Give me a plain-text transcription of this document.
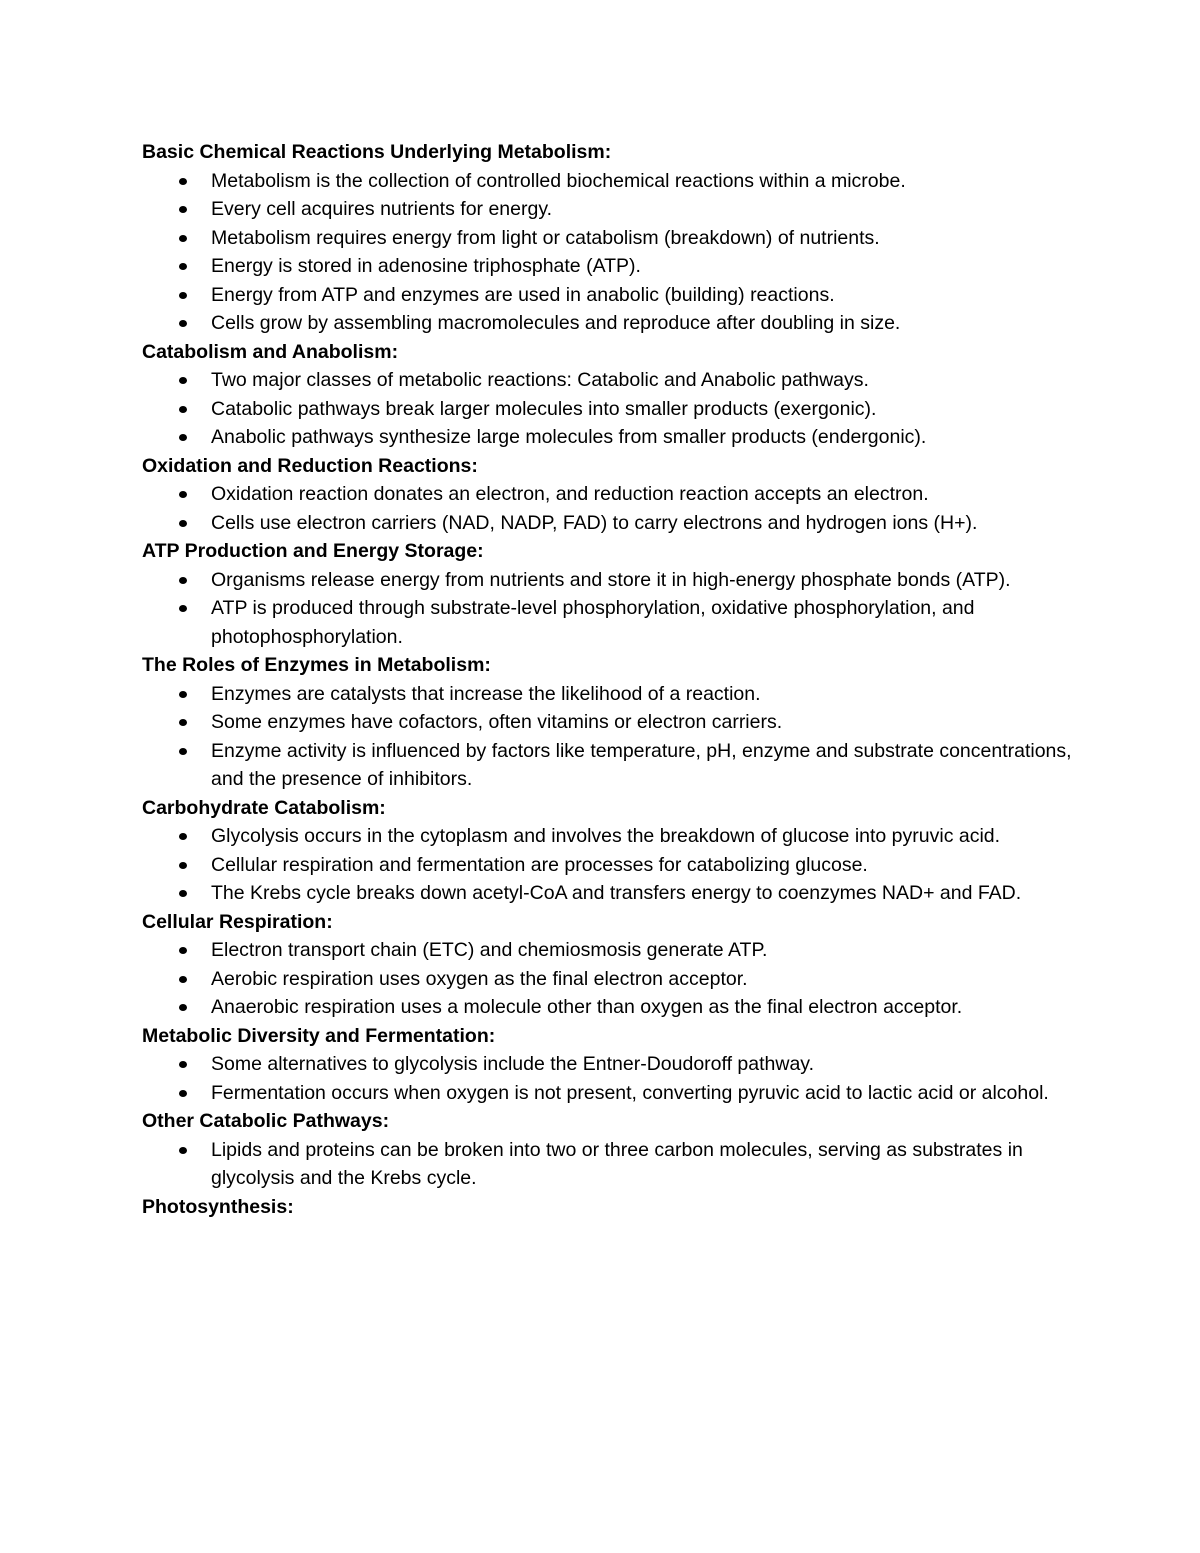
Basic Chemical Reactions Underlying Metabolism:

Metabolism is the collection of controlled biochemical reactions within a microbe.
Every cell acquires nutrients for energy.
Metabolism requires energy from light or catabolism (breakdown) of nutrients.
Energy is stored in adenosine triphosphate (ATP).
Energy from ATP and enzymes are used in anabolic (building) reactions.
Cells grow by assembling macromolecules and reproduce after doubling in size.

Catabolism and Anabolism:

Two major classes of metabolic reactions: Catabolic and Anabolic pathways.
Catabolic pathways break larger molecules into smaller products (exergonic).
Anabolic pathways synthesize large molecules from smaller products (endergonic).

Oxidation and Reduction Reactions:

Oxidation reaction donates an electron, and reduction reaction accepts an electron.
Cells use electron carriers (NAD, NADP, FAD) to carry electrons and hydrogen ions (H+).

ATP Production and Energy Storage:

Organisms release energy from nutrients and store it in high-energy phosphate bonds (ATP).
ATP is produced through substrate-level phosphorylation, oxidative phosphorylation, and photophosphorylation.

The Roles of Enzymes in Metabolism:

Enzymes are catalysts that increase the likelihood of a reaction.
Some enzymes have cofactors, often vitamins or electron carriers.
Enzyme activity is influenced by factors like temperature, pH, enzyme and substrate concentrations, and the presence of inhibitors.

Carbohydrate Catabolism:

Glycolysis occurs in the cytoplasm and involves the breakdown of glucose into pyruvic acid.
Cellular respiration and fermentation are processes for catabolizing glucose.
The Krebs cycle breaks down acetyl-CoA and transfers energy to coenzymes NAD+ and FAD.

Cellular Respiration:

Electron transport chain (ETC) and chemiosmosis generate ATP.
Aerobic respiration uses oxygen as the final electron acceptor.
Anaerobic respiration uses a molecule other than oxygen as the final electron acceptor.

Metabolic Diversity and Fermentation:

Some alternatives to glycolysis include the Entner-Doudoroff pathway.
Fermentation occurs when oxygen is not present, converting pyruvic acid to lactic acid or alcohol.

Other Catabolic Pathways:

Lipids and proteins can be broken into two or three carbon molecules, serving as substrates in glycolysis and the Krebs cycle.

Photosynthesis:
